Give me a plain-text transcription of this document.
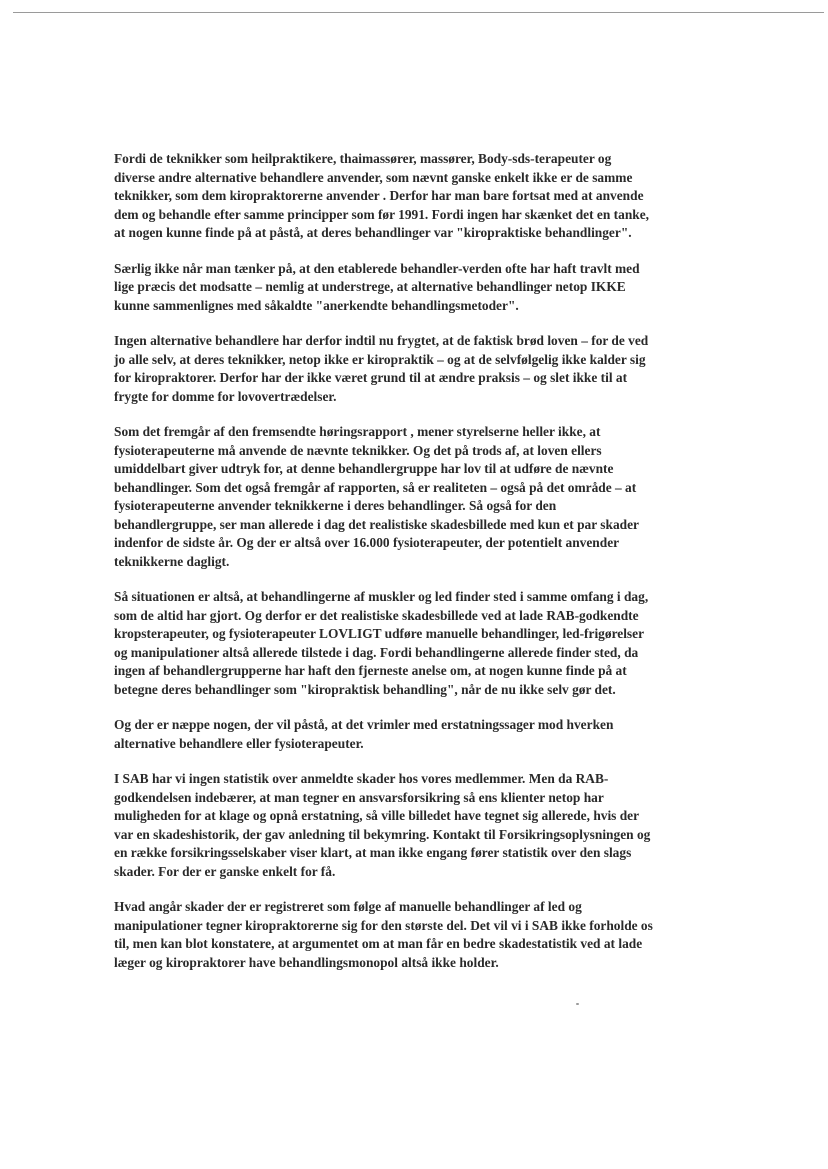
Fordi de teknikker som heilpraktikere, thaimassører, massører, Body-sds-terapeuter og
diverse andre alternative behandlere anvender, som nævnt ganske enkelt ikke er de samme
teknikker, som dem kiropraktorerne anvender . Derfor har man bare fortsat med at anvende
dem og behandle efter samme principper som før 1991. Fordi ingen har skænket det en tanke,
at nogen kunne finde på at påstå, at deres behandlinger var "kiropraktiske behandlinger".

Særlig ikke når man tænker på, at den etablerede behandler-verden ofte har haft travlt med
lige præcis det modsatte – nemlig at understrege, at alternative behandlinger netop IKKE
kunne sammenlignes med såkaldte "anerkendte behandlingsmetoder".

Ingen alternative behandlere har derfor indtil nu frygtet, at de faktisk brød loven – for de ved
jo alle selv, at deres teknikker, netop ikke er kiropraktik – og at de selvfølgelig ikke kalder sig
for kiropraktorer. Derfor har der ikke været grund til at ændre praksis – og slet ikke til at
frygte for domme for lovovertrædelser.

Som det fremgår af den fremsendte høringsrapport , mener styrelserne heller ikke, at
fysioterapeuterne må anvende de nævnte teknikker. Og det på trods af, at loven ellers
umiddelbart giver udtryk for, at denne behandlergruppe har lov til at udføre de nævnte
behandlinger. Som det også fremgår af rapporten, så er realiteten – også på det område – at
fysioterapeuterne anvender teknikkerne i deres behandlinger. Så også for den
behandlergruppe, ser man allerede i dag det realistiske skadesbillede med kun et par skader
indenfor de sidste år. Og der er altså over 16.000 fysioterapeuter, der potentielt anvender
teknikkerne dagligt.

Så situationen er altså, at behandlingerne af muskler og led finder sted i samme omfang i dag,
som de altid har gjort. Og derfor er det realistiske skadesbillede ved at lade RAB-godkendte
kropsterapeuter, og fysioterapeuter LOVLIGT udføre manuelle behandlinger, led-frigørelser
og manipulationer altså allerede tilstede i dag. Fordi behandlingerne allerede finder sted, da
ingen af behandlergrupperne har haft den fjerneste anelse om, at nogen kunne finde på at
betegne deres behandlinger som "kiropraktisk behandling", når de nu ikke selv gør det.

Og der er næppe nogen, der vil påstå, at det vrimler med erstatningssager mod hverken
alternative behandlere eller fysioterapeuter.

I SAB har vi ingen statistik over anmeldte skader hos vores medlemmer. Men da RAB-
godkendelsen indebærer, at man tegner en ansvarsforsikring så ens klienter netop har
muligheden for at klage og opnå erstatning, så ville billedet have tegnet sig allerede, hvis der
var en skadeshistorik, der gav anledning til bekymring. Kontakt til Forsikringsoplysningen og
en række forsikringsselskaber viser klart, at man ikke engang fører statistik over den slags
skader. For der er ganske enkelt for få.

Hvad angår skader der er registreret som følge af manuelle behandlinger af led og
manipulationer tegner kiropraktorerne sig for den største del. Det vil vi i SAB ikke forholde os
til, men kan blot konstatere, at argumentet om at man får en bedre skadestatistik ved at lade
læger og kiropraktorer have behandlingsmonopol altså ikke holder.
